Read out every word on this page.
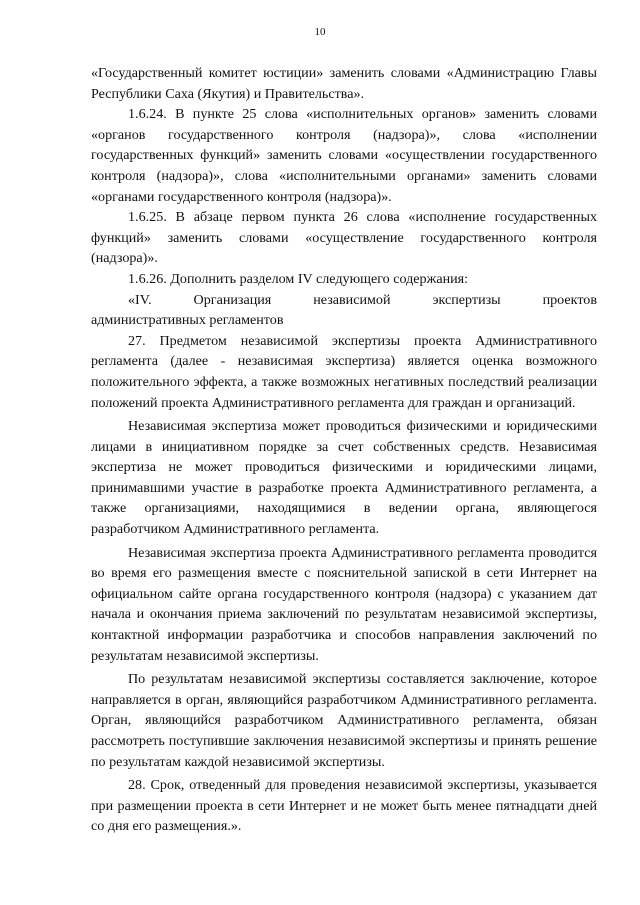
10

«Государственный комитет юстиции» заменить словами «Администрацию Главы Республики Саха (Якутия) и Правительства».

1.6.24. В пункте 25 слова «исполнительных органов» заменить словами «органов государственного контроля (надзора)», слова «исполнении государственных функций» заменить словами «осуществлении государственного контроля (надзора)», слова «исполнительными органами» заменить словами «органами государственного контроля (надзора)».

1.6.25. В абзаце первом пункта 26 слова «исполнение государственных функций» заменить словами «осуществление государственного контроля (надзора)».

1.6.26. Дополнить разделом IV следующего содержания:

«IV. Организация независимой экспертизы проектов
административных регламентов

27. Предметом независимой экспертизы проекта Административного регламента (далее - независимая экспертиза) является оценка возможного положительного эффекта, а также возможных негативных последствий реализации положений проекта Административного регламента для граждан и организаций.

Независимая экспертиза может проводиться физическими и юридическими лицами в инициативном порядке за счет собственных средств. Независимая экспертиза не может проводиться физическими и юридическими лицами, принимавшими участие в разработке проекта Административного регламента, а также организациями, находящимися в ведении органа, являющегося разработчиком Административного регламента.

Независимая экспертиза проекта Административного регламента проводится во время его размещения вместе с пояснительной запиской в сети Интернет на официальном сайте органа государственного контроля (надзора) с указанием дат начала и окончания приема заключений по результатам независимой экспертизы, контактной информации разработчика и способов направления заключений по результатам независимой экспертизы.

По результатам независимой экспертизы составляется заключение, которое направляется в орган, являющийся разработчиком Административного регламента. Орган, являющийся разработчиком Административного регламента, обязан рассмотреть поступившие заключения независимой экспертизы и принять решение по результатам каждой независимой экспертизы.

28. Срок, отведенный для проведения независимой экспертизы, указывается при размещении проекта в сети Интернет и не может быть менее пятнадцати дней со дня его размещения.».
